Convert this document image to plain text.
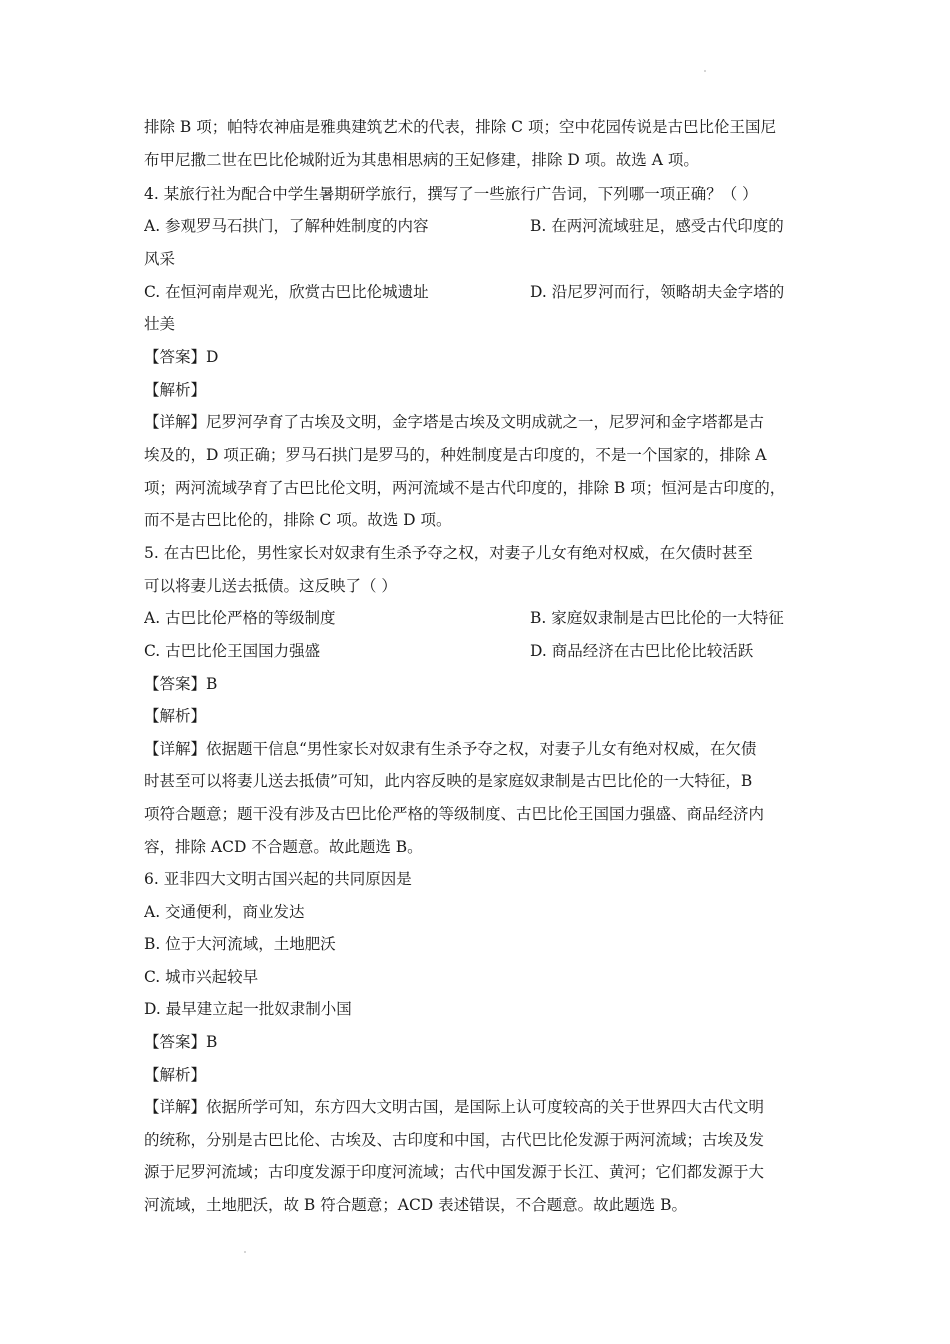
排除 B 项；帕特农神庙是雅典建筑艺术的代表，排除 C 项；空中花园传说是古巴比伦王国尼
布甲尼撒二世在巴比伦城附近为其患相思病的王妃修建，排除 D 项。故选 A 项。
4. 某旅行社为配合中学生暑期研学旅行，撰写了一些旅行广告词，下列哪一项正确？（ ）
A. 参观罗马石拱门，了解种姓制度的内容	B. 在两河流域驻足，感受古代印度的
风采
C. 在恒河南岸观光，欣赏古巴比伦城遗址	D. 沿尼罗河而行，领略胡夫金字塔的
壮美
【答案】D
【解析】
【详解】尼罗河孕育了古埃及文明，金字塔是古埃及文明成就之一，尼罗河和金字塔都是古
埃及的，D 项正确；罗马石拱门是罗马的，种姓制度是古印度的，不是一个国家的，排除 A
项；两河流域孕育了古巴比伦文明，两河流域不是古代印度的，排除 B 项；恒河是古印度的，
而不是古巴比伦的，排除 C 项。故选 D 项。
5. 在古巴比伦，男性家长对奴隶有生杀予夺之权，对妻子儿女有绝对权威，在欠债时甚至
可以将妻儿送去抵债。这反映了（ ）
A. 古巴比伦严格的等级制度	B. 家庭奴隶制是古巴比伦的一大特征
C. 古巴比伦王国国力强盛	D. 商品经济在古巴比伦比较活跃
【答案】B
【解析】
【详解】依据题干信息“男性家长对奴隶有生杀予夺之权，对妻子儿女有绝对权威，在欠债
时甚至可以将妻儿送去抵债”可知，此内容反映的是家庭奴隶制是古巴比伦的一大特征，B
项符合题意；题干没有涉及古巴比伦严格的等级制度、古巴比伦王国国力强盛、商品经济内
容，排除 ACD 不合题意。故此题选 B。
6. 亚非四大文明古国兴起的共同原因是
A. 交通便利，商业发达
B. 位于大河流域，土地肥沃
C. 城市兴起较早
D. 最早建立起一批奴隶制小国
【答案】B
【解析】
【详解】依据所学可知，东方四大文明古国，是国际上认可度较高的关于世界四大古代文明
的统称，分别是古巴比伦、古埃及、古印度和中国，古代巴比伦发源于两河流域；古埃及发
源于尼罗河流域；古印度发源于印度河流域；古代中国发源于长江、黄河；它们都发源于大
河流域，土地肥沃，故 B 符合题意；ACD 表述错误，不合题意。故此题选 B。
